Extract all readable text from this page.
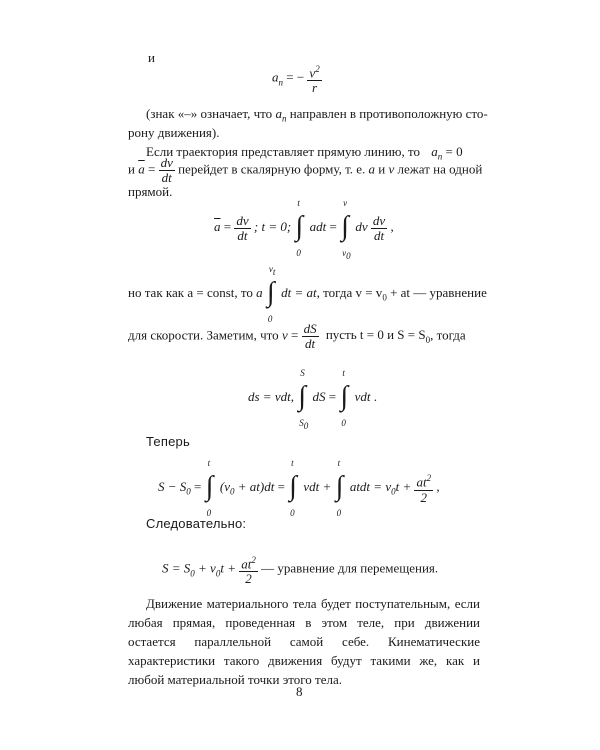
и
$a_n$ = − $\frac{v^2}{r}$
(знак «–» означает, что $a_n$ направлен в противоположную сто-
рону движения).
Если траектория представляет прямую линию, то $a_n = 0$
и $\overline{a} = \frac{dv}{dt}$ перейдет в скалярную форму, т. е. a и v лежат на одной
прямой.
$\overline{a} = \frac{dv}{dt}$ ; t = 0;
t
∫
0
adt =
v
∫
$v_0$
dv $\frac{dv}{dt}$ ,
но так как a = const, то a
$v_t$
∫
0
dt = at, тогда $v = v_0$ + at — уравнение
для скорости. Заметим, что $v = \frac{dS}{dt}$ пусть t = 0 и $S = S_0$, тогда
ds = vdt,
S
∫
$S_0$
dS =
t
∫
0
vdt .
Теперь
$S - S_0$ =
t
∫
0
$(v_0 + at)dt$ =
t
∫
0
vdt +
t
∫
0
atdt = $v_0t + \frac{at^2}{2}$ ,
Следовательно:
$S = S_0 + v_0t + \frac{at^2}{2}$ — уравнение для перемещения.

Движение материального тела будет поступательным, если любая прямая, проведенная в этом теле, при движении остается параллельной самой себе. Кинематические характеристики такого движения будут такими же, как и любой материальной точки этого тела.

8
